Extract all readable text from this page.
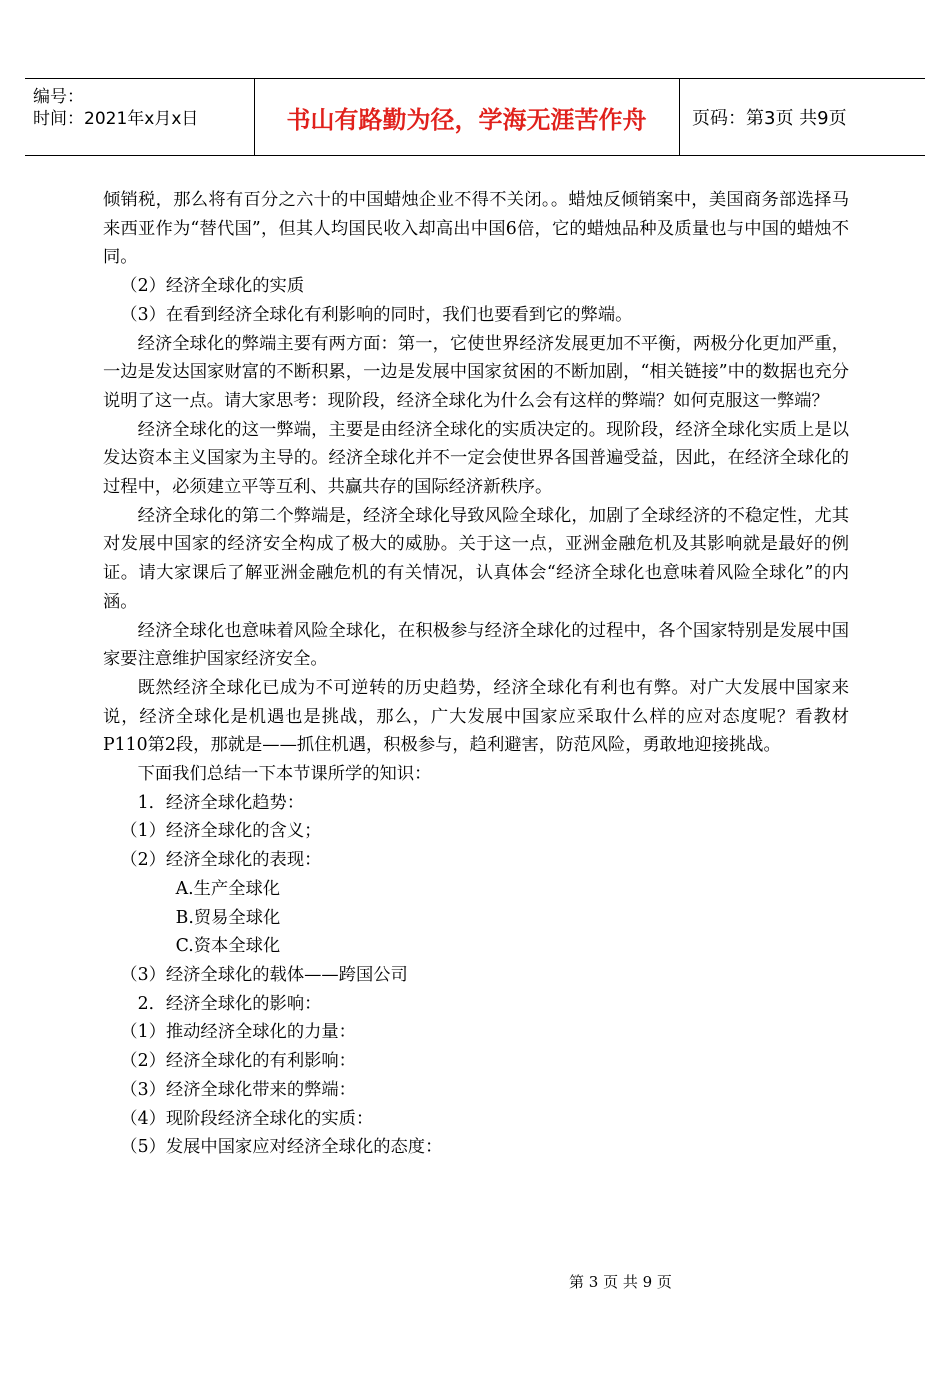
编号：
时间：2021年x月x日	书山有路勤为径，学海无涯苦作舟	页码：第3页 共9页

倾销税，那么将有百分之六十的中国蜡烛企业不得不关闭。。蜡烛反倾销案中，美国商务部选择马来西亚作为“替代国”，但其人均国民收入却高出中国6倍，它的蜡烛品种及质量也与中国的蜡烛不同。

（2）经济全球化的实质

（3）在看到经济全球化有利影响的同时，我们也要看到它的弊端。

经济全球化的弊端主要有两方面：第一，它使世界经济发展更加不平衡，两极分化更加严重，一边是发达国家财富的不断积累，一边是发展中国家贫困的不断加剧，“相关链接”中的数据也充分说明了这一点。请大家思考：现阶段，经济全球化为什么会有这样的弊端？如何克服这一弊端？

经济全球化的这一弊端，主要是由经济全球化的实质决定的。现阶段，经济全球化实质上是以发达资本主义国家为主导的。经济全球化并不一定会使世界各国普遍受益，因此，在经济全球化的过程中，必须建立平等互利、共赢共存的国际经济新秩序。

经济全球化的第二个弊端是，经济全球化导致风险全球化，加剧了全球经济的不稳定性，尤其对发展中国家的经济安全构成了极大的威胁。关于这一点，亚洲金融危机及其影响就是最好的例证。请大家课后了解亚洲金融危机的有关情况，认真体会“经济全球化也意味着风险全球化”的内涵。

经济全球化也意味着风险全球化，在积极参与经济全球化的过程中，各个国家特别是发展中国家要注意维护国家经济安全。

既然经济全球化已成为不可逆转的历史趋势，经济全球化有利也有弊。对广大发展中国家来说，经济全球化是机遇也是挑战，那么，广大发展中国家应采取什么样的应对态度呢？看教材P110第2段，那就是——抓住机遇，积极参与，趋利避害，防范风险，勇敢地迎接挑战。

下面我们总结一下本节课所学的知识：

1．经济全球化趋势：

（1）经济全球化的含义；

（2）经济全球化的表现：

A.生产全球化

B.贸易全球化

C.资本全球化

（3）经济全球化的载体——跨国公司

2．经济全球化的影响：

（1）推动经济全球化的力量：

（2）经济全球化的有利影响：

（3）经济全球化带来的弊端：

（4）现阶段经济全球化的实质：

（5）发展中国家应对经济全球化的态度：

第 3 页 共 9 页
